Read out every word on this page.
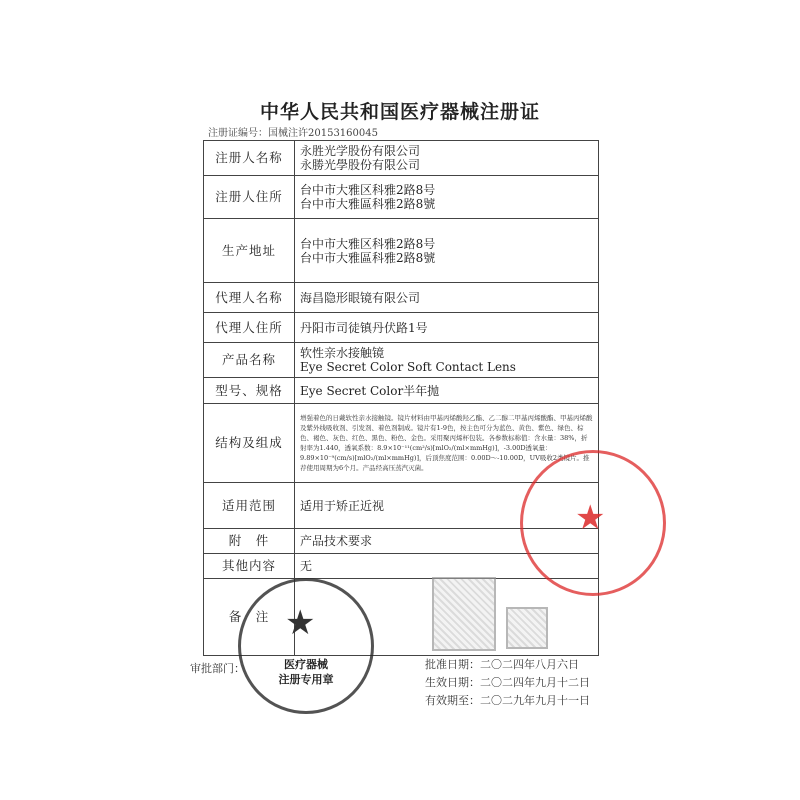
中华人民共和国医疗器械注册证
注册证编号：国械注许20153160045
注册人名称	永胜光学股份有限公司
永勝光學股份有限公司

注册人住所	台中市大雅区科雅2路8号
台中市大雅區科雅2路8號

生产地址	台中市大雅区科雅2路8号
台中市大雅區科雅2路8號

代理人名称	海昌隐形眼镜有限公司

代理人住所	丹阳市司徒镇丹伏路1号

产品名称	软性亲水接触镜
Eye Secret Color Soft Contact Lens

型号、规格	Eye Secret Color半年抛

结构及组成	增强着色的日戴软性亲水接触镜。镜片材料由甲基丙烯酸羟乙酯、乙二醇二甲基丙烯酸酯、甲基丙烯酸及紫外线吸收剂、引发剂、着色剂制成。镜片有1-9色，按主色可分为蓝色、黄色、紫色、绿色、棕色、褐色、灰色、红色、黑色、粉色、金色。采用聚丙烯杯包装。各参数标称值：含水量：38%，折射率为1.440，透氧系数：8.9×10⁻¹¹(cm²/s)[mlO₂/(ml×mmHg)]，-3.00D透氧量：9.89×10⁻⁹(cm/s)[mlO₂/(ml×mmHg)]，后顶焦度范围：0.00D～-10.00D，UV吸收2类镜片。推荐使用周期为6个月。产品经高压蒸汽灭菌。

适用范围	适用于矫正近视

附　件	产品技术要求

其他内容	无

备　注	
审批部门：	批准日期：二〇二四年八月六日
生效日期：二〇二四年九月十二日
有效期至：二〇二九年九月十一日
★
★
医疗器械
注册专用章
